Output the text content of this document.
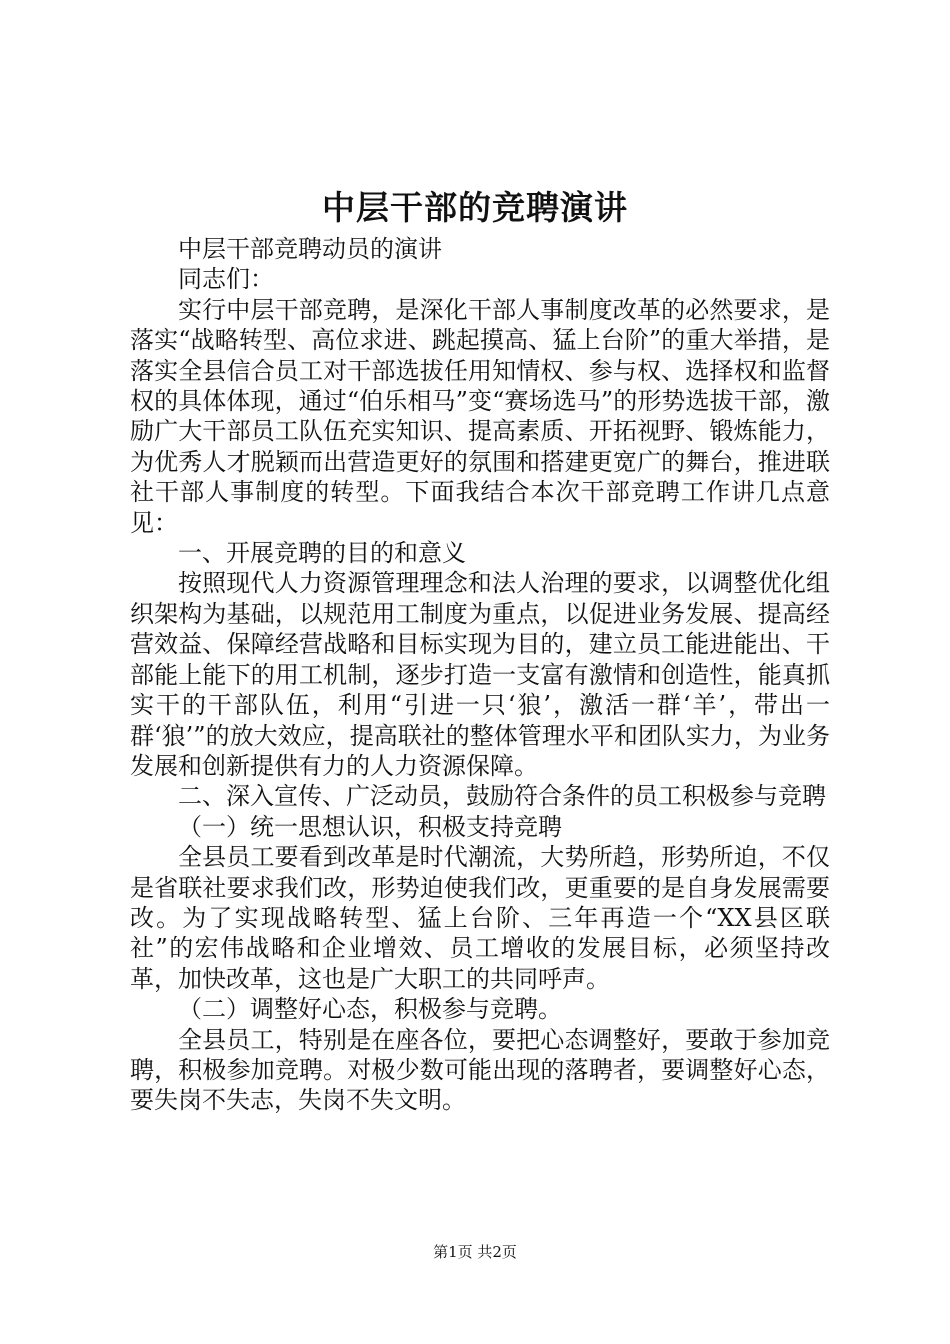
中层干部的竞聘演讲

中层干部竞聘动员的演讲

同志们：

实行中层干部竞聘，是深化干部人事制度改革的必然要求，是落实“战略转型、高位求进、跳起摸高、猛上台阶”的重大举措，是落实全县信合员工对干部选拔任用知情权、参与权、选择权和监督权的具体体现，通过“伯乐相马”变“赛场选马”的形势选拔干部，激励广大干部员工队伍充实知识、提高素质、开拓视野、锻炼能力，为优秀人才脱颖而出营造更好的氛围和搭建更宽广的舞台，推进联社干部人事制度的转型。下面我结合本次干部竞聘工作讲几点意见：

一、开展竞聘的目的和意义

按照现代人力资源管理理念和法人治理的要求，以调整优化组织架构为基础，以规范用工制度为重点，以促进业务发展、提高经营效益、保障经营战略和目标实现为目的，建立员工能进能出、干部能上能下的用工机制，逐步打造一支富有激情和创造性，能真抓实干的干部队伍，利用“引进一只‘狼’，激活一群‘羊’，带出一群‘狼’”的放大效应，提高联社的整体管理水平和团队实力，为业务发展和创新提供有力的人力资源保障。

二、深入宣传、广泛动员，鼓励符合条件的员工积极参与竞聘

（一）统一思想认识，积极支持竞聘

全县员工要看到改革是时代潮流，大势所趋，形势所迫，不仅是省联社要求我们改，形势迫使我们改，更重要的是自身发展需要改。为了实现战略转型、猛上台阶、三年再造一个“XX县区联社”的宏伟战略和企业增效、员工增收的发展目标，必须坚持改革，加快改革，这也是广大职工的共同呼声。

（二）调整好心态，积极参与竞聘。

全县员工，特别是在座各位，要把心态调整好，要敢于参加竞聘，积极参加竞聘。对极少数可能出现的落聘者，要调整好心态，要失岗不失志，失岗不失文明。

第1页 共2页
